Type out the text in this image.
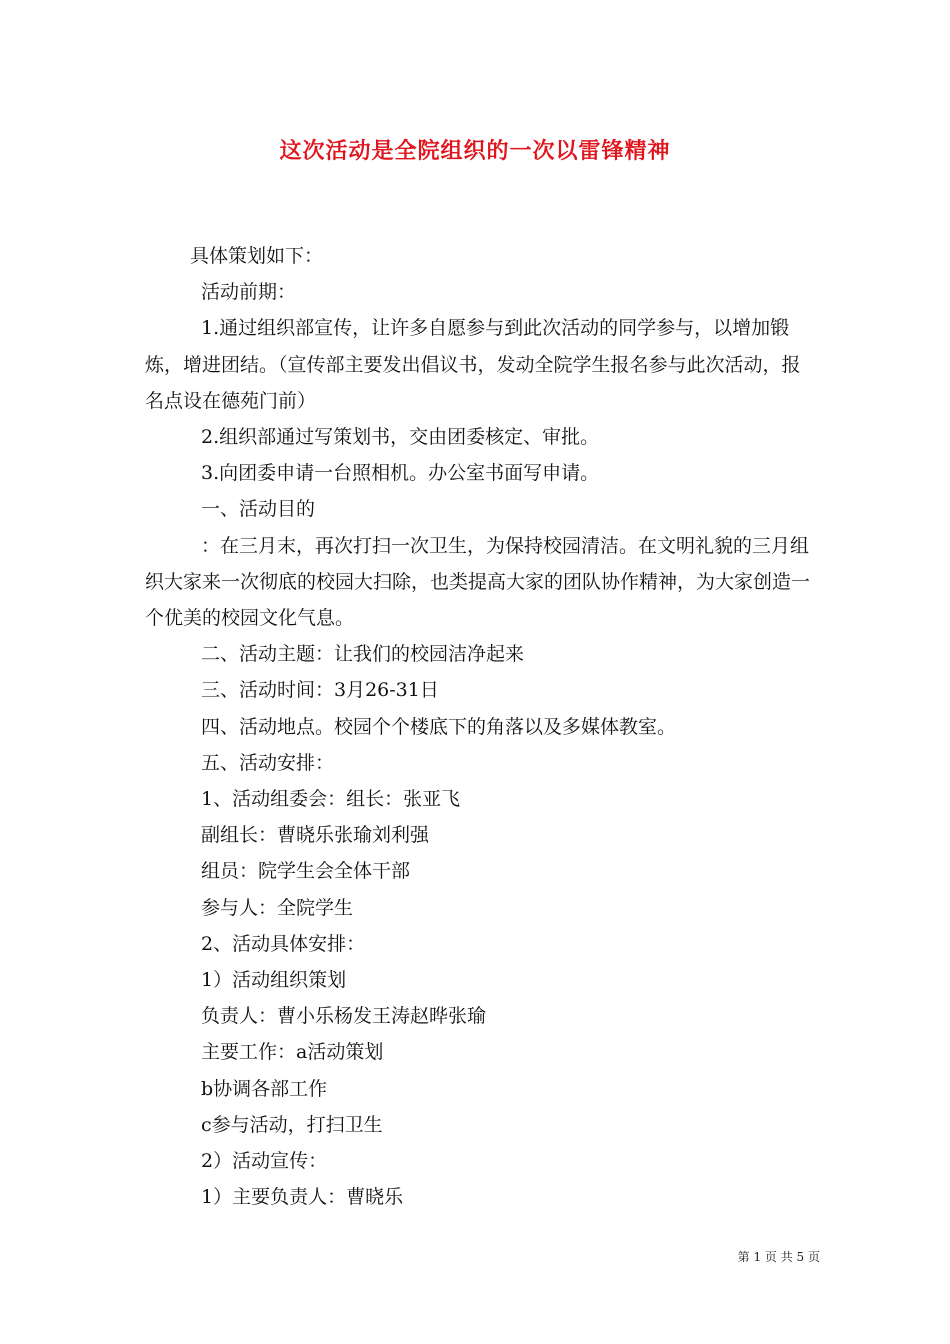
这次活动是全院组织的一次以雷锋精神

具体策划如下：

活动前期：

1.通过组织部宣传，让许多自愿参与到此次活动的同学参与，以增加锻炼，增进团结。（宣传部主要发出倡议书，发动全院学生报名参与此次活动，报名点设在德苑门前）

2.组织部通过写策划书，交由团委核定、审批。

3.向团委申请一台照相机。办公室书面写申请。

一、活动目的

：在三月末，再次打扫一次卫生，为保持校园清洁。在文明礼貌的三月组织大家来一次彻底的校园大扫除，也类提高大家的团队协作精神，为大家创造一个优美的校园文化气息。

二、活动主题：让我们的校园洁净起来

三、活动时间：3月26-31日

四、活动地点。校园个个楼底下的角落以及多媒体教室。

五、活动安排：

1、活动组委会：组长：张亚飞

副组长：曹晓乐张瑜刘利强

组员：院学生会全体干部

参与人：全院学生

2、活动具体安排：

1）活动组织策划

负责人：曹小乐杨发王涛赵晔张瑜

主要工作：a活动策划

b协调各部工作

c参与活动，打扫卫生

2）活动宣传：

1）主要负责人：曹晓乐

第 1 页 共 5 页
